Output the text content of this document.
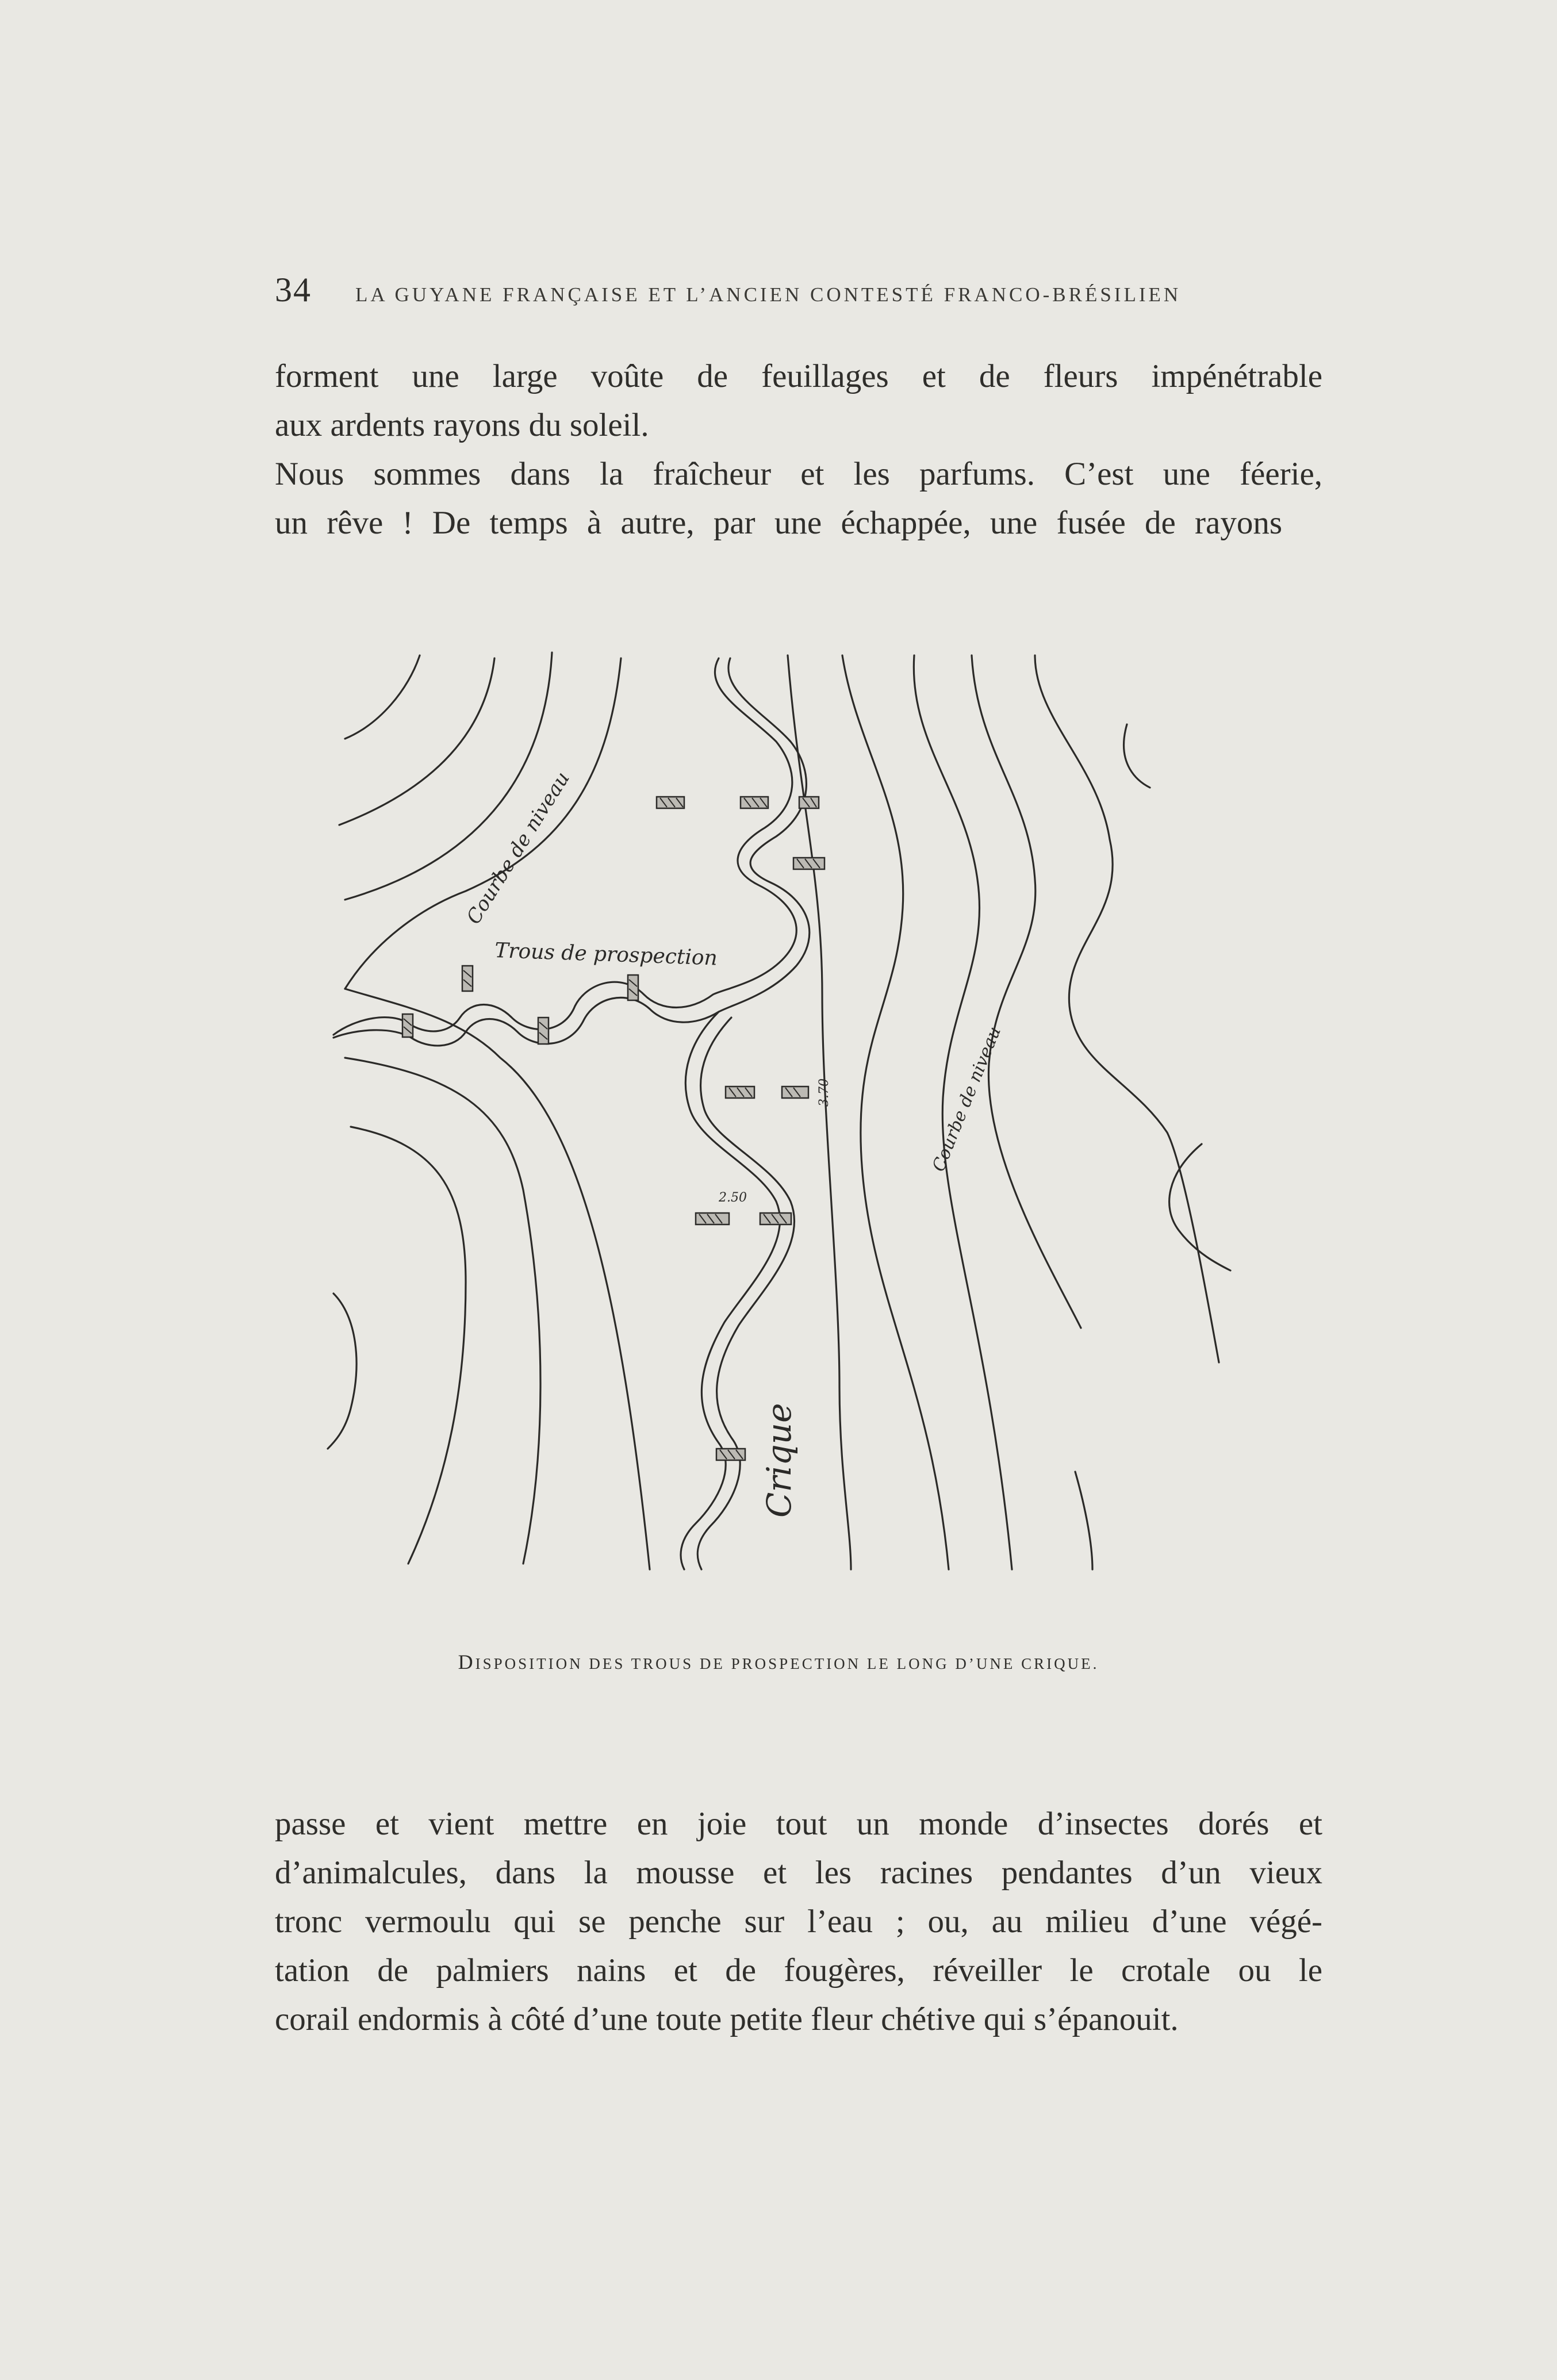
34	LA GUYANE FRANÇAISE ET L’ANCIEN CONTESTÉ FRANCO-BRÉSILIEN
forment une large voûte de feuillages et de fleurs impénétrable
aux ardents rayons du soleil.
Nous sommes dans la fraîcheur et les parfums. C’est une féerie,
un rêve ! De temps à autre, par une échappée, une fusée de rayons
Courbe de niveau
Trous de prospection
Courbe de niveau
Crique
3.70
2.50
DISPOSITION DES TROUS DE PROSPECTION LE LONG D’UNE CRIQUE.
passe et vient mettre en joie tout un monde d’insectes dorés et
d’animalcules, dans la mousse et les racines pendantes d’un vieux
tronc vermoulu qui se penche sur l’eau ; ou, au milieu d’une végé-
tation de palmiers nains et de fougères, réveiller le crotale ou le
corail endormis à côté d’une toute petite fleur chétive qui s’épanouit.
